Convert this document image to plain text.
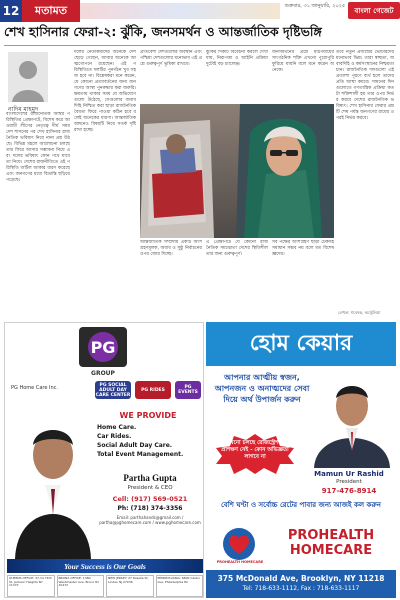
12	মতামত	শুক্রবার, ৩১ জানুয়ারি, ২০২৫
বাংলা গেজেট
শেখ হাসিনার ফেরা-২: ঝুঁকি, জনসমর্থন ও আন্তর্জাতিক দৃষ্টিভঙ্গি
নাদিম মাহমুদ

বাংলাদেশের রাজনৈতিক অস্থির পরিস্থিতির প্রেক্ষাপটে, বিশেষ করে আওয়ামী লীগের নেতৃত্বে দীর্ঘ সময় দেশ শাসনের পর শেখ হাসিনার রাজনৈতিক ভবিষ্যৎ নিয়ে নানা প্রশ্ন উঠছে। বিভিন্ন মহলে আলোচনা চলছে তার ফিরে আসার সম্ভাবনা নিয়ে এবং দলের ভবিষ্যৎ কোন পথে যাবে তা নিয়ে। দেশের রাজনীতিতে এই পরিস্থিতি জটিল আকার ধারণ করেছে এবং জনগণের মধ্যে বিভ্রান্তি ছড়িয়ে পড়েছে।

দলের নেতাকর্মীদের অনেকে দেশ ছেড়ে গেছেন, আবার অনেকে আত্মগোপনে রয়েছেন। এই পরিস্থিতিতে দলটির পুনর্গঠন খুব সহজ হবে না। বিশ্লেষকরা মনে করেন, যে কোনো প্রত্যাবর্তনের জন্য জনগণের আস্থা পুনরুদ্ধার করা জরুরি। ক্ষমতায় থাকার সময় যে অভিযোগগুলো উঠেছে, সেগুলোর জবাবদিহি নিশ্চিত করা ছাড়া রাজনৈতিক বৈধতা ফিরে পাওয়া কঠিন হবে বলেই অনেকের ধারণা। আন্তর্জাতিক অঙ্গনেও বিষয়টি নিয়ে সতর্ক দৃষ্টি রাখা হচ্ছে।

প্রতিবেশী দেশগুলোর অবস্থান এবং পশ্চিমা দেশগুলোর মনোভাব এই প্রশ্নে গুরুত্বপূর্ণ ভূমিকা রাখবে।

ঝুঁকির দিকটি বিবেচনা করলে দেখা যায়, নিরাপত্তা ও আইনি প্রক্রিয়া দুটোই বড় চ্যালেঞ্জ।

জনসমর্থনের প্রশ্নে মাঠপর্যায়ের সাংগঠনিক শক্তি এখনো পুরোপুরি ফুরিয়ে যায়নি বলে মনে করেন অনেকে।

তবে নতুন প্রজন্মের ভোটারদের মনোভাব ভিন্ন। তারা স্বচ্ছতা, জবাবদিহি ও কর্মসংস্থানের নিশ্চয়তা চান। রাজনৈতিক দলগুলো এই প্রত্যাশা পূরণে ব্যর্থ হলে তাদের প্রতি আস্থা কমবে। সামনের দিনগুলোতে গণতান্ত্রিক প্রক্রিয়া কতটা শক্তিশালী হয় তার ওপর নির্ভর করবে দেশের রাজনৈতিক ভবিষ্যৎ। শেখ হাসিনার ফেরার প্রশ্নটি শেষ পর্যন্ত জনগণের রায়ের ওপরই নির্ভর করবে।

আন্তর্জাতিক সম্প্রদায় একটি অংশগ্রহণমূলক, অবাধ ও সুষ্ঠু নির্বাচনের ওপর জোর দিচ্ছে।

এ প্রেক্ষাপটে যে কোনো রাজনৈতিক সমঝোতা দেশের স্থিতিশীলতার জন্য গুরুত্বপূর্ণ।

সব পক্ষের অংশগ্রহণ ছাড়া টেকসই সমাধান সম্ভব নয় বলে মত বিশেষজ্ঞদের।

লেখক: গবেষক, অস্ট্রেলিয়া
PG
GROUP
PG Home Care Inc.	PG SOCIAL ADULT DAY CARE CENTER
PG RIDES	PG EVENTS
WE PROVIDE
Home Care.
Car Rides.
Social Adult Day Care.
Total Event Management.
Partha Gupta
President & CEO
Cell: (917) 569-0521
Ph: (718) 374-3356
Email: parthahands@gmail.com / partha@pghomecare.com / www.pghomecare.com
Your Success is Our Goals
QUEENS OFFICE: 37-14 74th St, Jackson Heights NY 11372
BRONX OFFICE: 1380 Westchester Ave, Bronx NY 10472
NEW JERSEY: 27 Roselle St, Linden NJ 07036
PENNSYLVANIA: 6800 Castor Ave, Philadelphia PA
হোম কেয়ার
আপনার আত্মীয় স্বজন, আপনজন ও অনাত্মদের সেবা দিয়ে অর্থ উপার্জন করুন
এখনো চলছে রেজিস্ট্রেশন! প্রশিক্ষণ নেই - কোন অভিজ্ঞতা লাগবে না
Mamun Ur Rashid
President
917-476-8914
বেশি ঘণ্টা ও সর্বোচ্চ রেটের পাবার জন্য আজই কল করুন
PROHEALTH HOMECARE
PROHEALTH HOMECARE
375 McDonald Ave, Brooklyn, NY 11218
Tel: 718-633-1112, Fax : 718-633-1117
